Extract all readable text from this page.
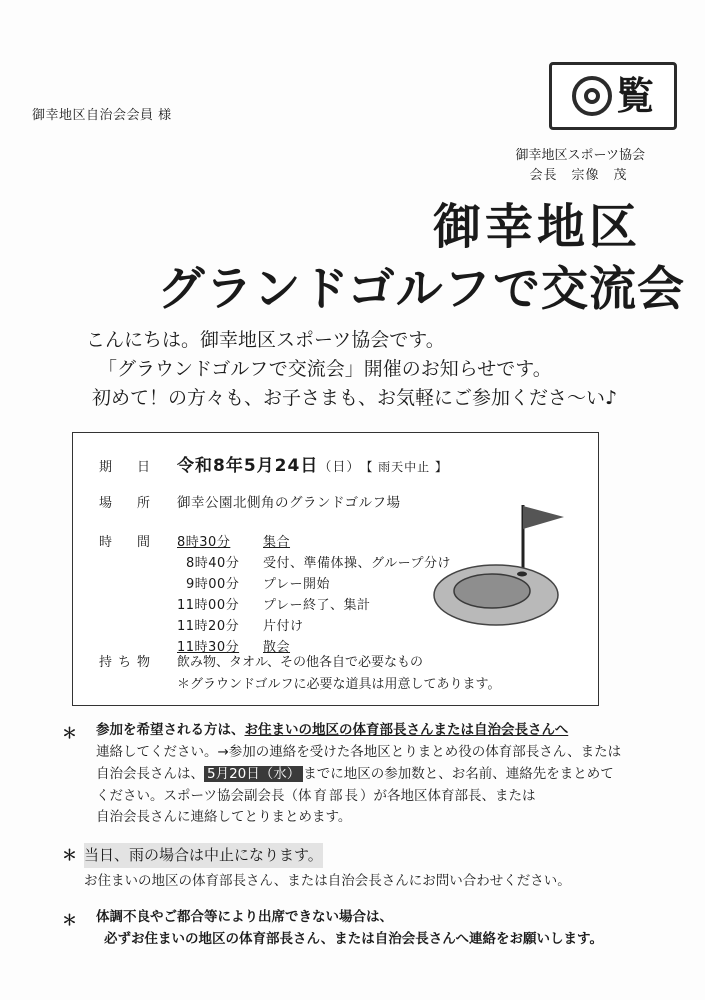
御幸地区自治会会員 様	覧
御幸地区スポーツ協会
会長　宗像　茂
御幸地区
グランドゴルフで交流会
こんにちは。御幸地区スポーツ協会です。
「グラウンドゴルフで交流会」開催のお知らせです。
初めて！の方々も、お子さまも、お気軽にご参加くださ～い♪
期　日	令和8年5月24日（日） 【 雨天中止 】
場　所	御幸公園北側角のグランドゴルフ場
時　間	8時30分	集合
8時40分	受付、準備体操、グループ分け
9時00分	プレー開始
11時00分	プレー終了、集計
11時20分	片付け
11時30分	散会
持ち物	飲み物、タオル、その他各自で必要なもの
＊グラウンドゴルフに必要な道具は用意してあります。
＊ 参加を希望される方は、お住まいの地区の体育部長さんまたは自治会長さんへ
連絡してください。→参加の連絡を受けた各地区とりまとめ役の体育部長さん、または
自治会長さんは、 5月20日（水） までに地区の参加数と、お名前、連絡先をまとめて
ください。スポーツ協会副会長（体育部長）が各地区体育部長、または
自治会長さんに連絡してとりまとめます。
＊ 当日、雨の場合は中止になります。
お住まいの地区の体育部長さん、または自治会長さんにお問い合わせください。
＊ 体調不良やご都合等により出席できない場合は、
必ずお住まいの地区の体育部長さん、または自治会長さんへ連絡をお願いします。
